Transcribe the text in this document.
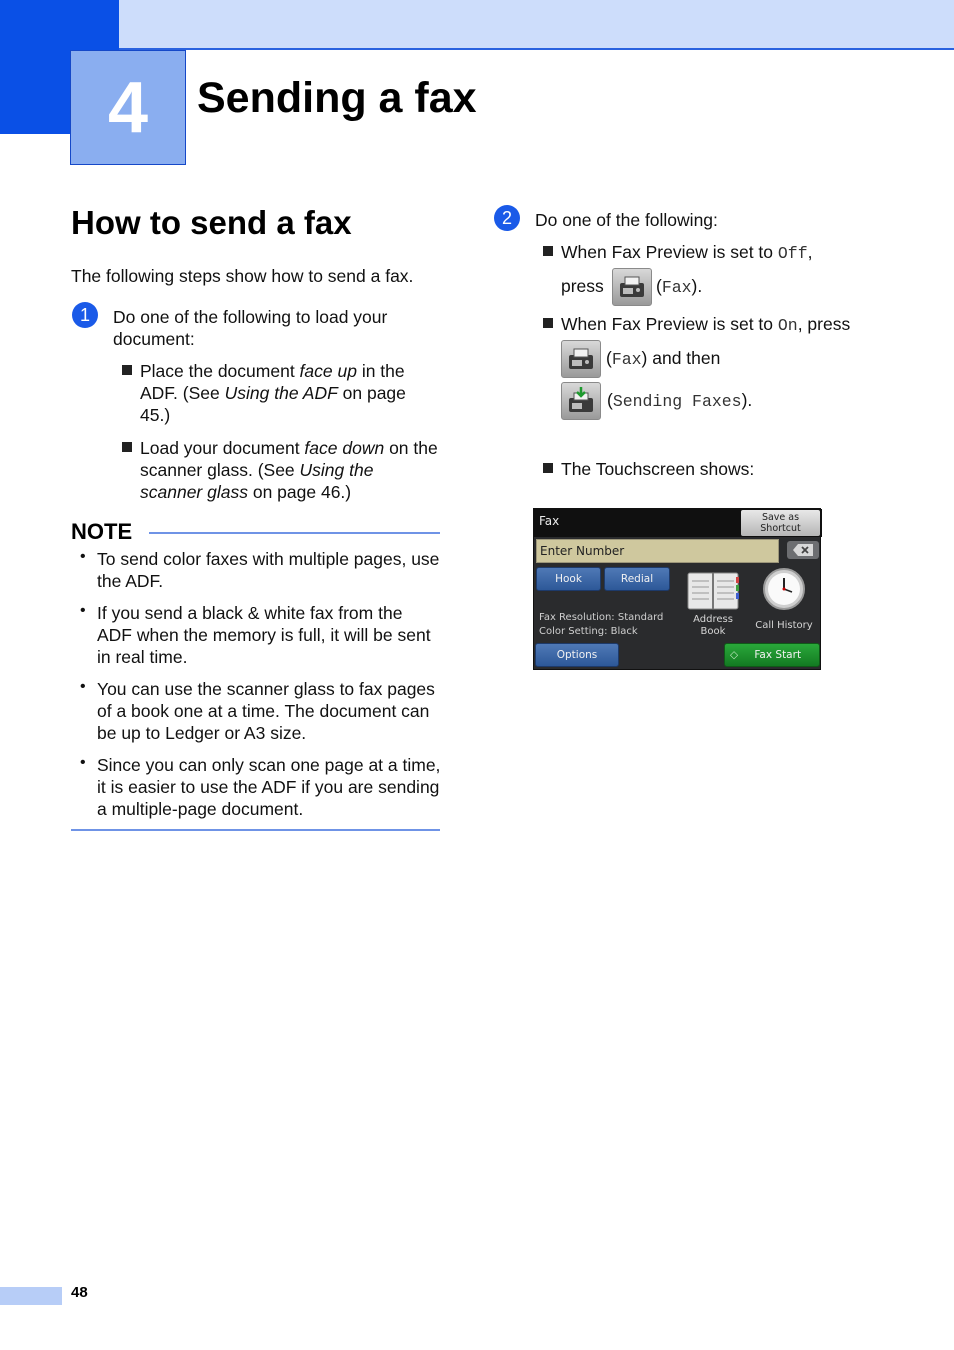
4 Sending a fax
How to send a fax
The following steps show how to send a fax.
1	Do one of the following to load your document:
Place the document face up in the ADF. (See Using the ADF on page 45.)
Load your document face down on the scanner glass. (See Using the scanner glass on page 46.)
NOTE
• To send color faxes with multiple pages, use the ADF.
• If you send a black & white fax from the ADF when the memory is full, it will be sent in real time.
• You can use the scanner glass to fax pages of a book one at a time. The document can be up to Ledger or A3 size.
• Since you can only scan one page at a time, it is easier to use the ADF if you are sending a multiple-page document.
2	Do one of the following:
When Fax Preview is set to Off,
press	(Fax).
When Fax Preview is set to On, press
(Fax) and then
(Sending Faxes).
The Touchscreen shows:
Fax	Save as
Shortcut
Enter Number
Hook	Redial
Fax Resolution: Standard
Color Setting: Black
Address
Book
Call History
Options	◇ Fax Start
48
